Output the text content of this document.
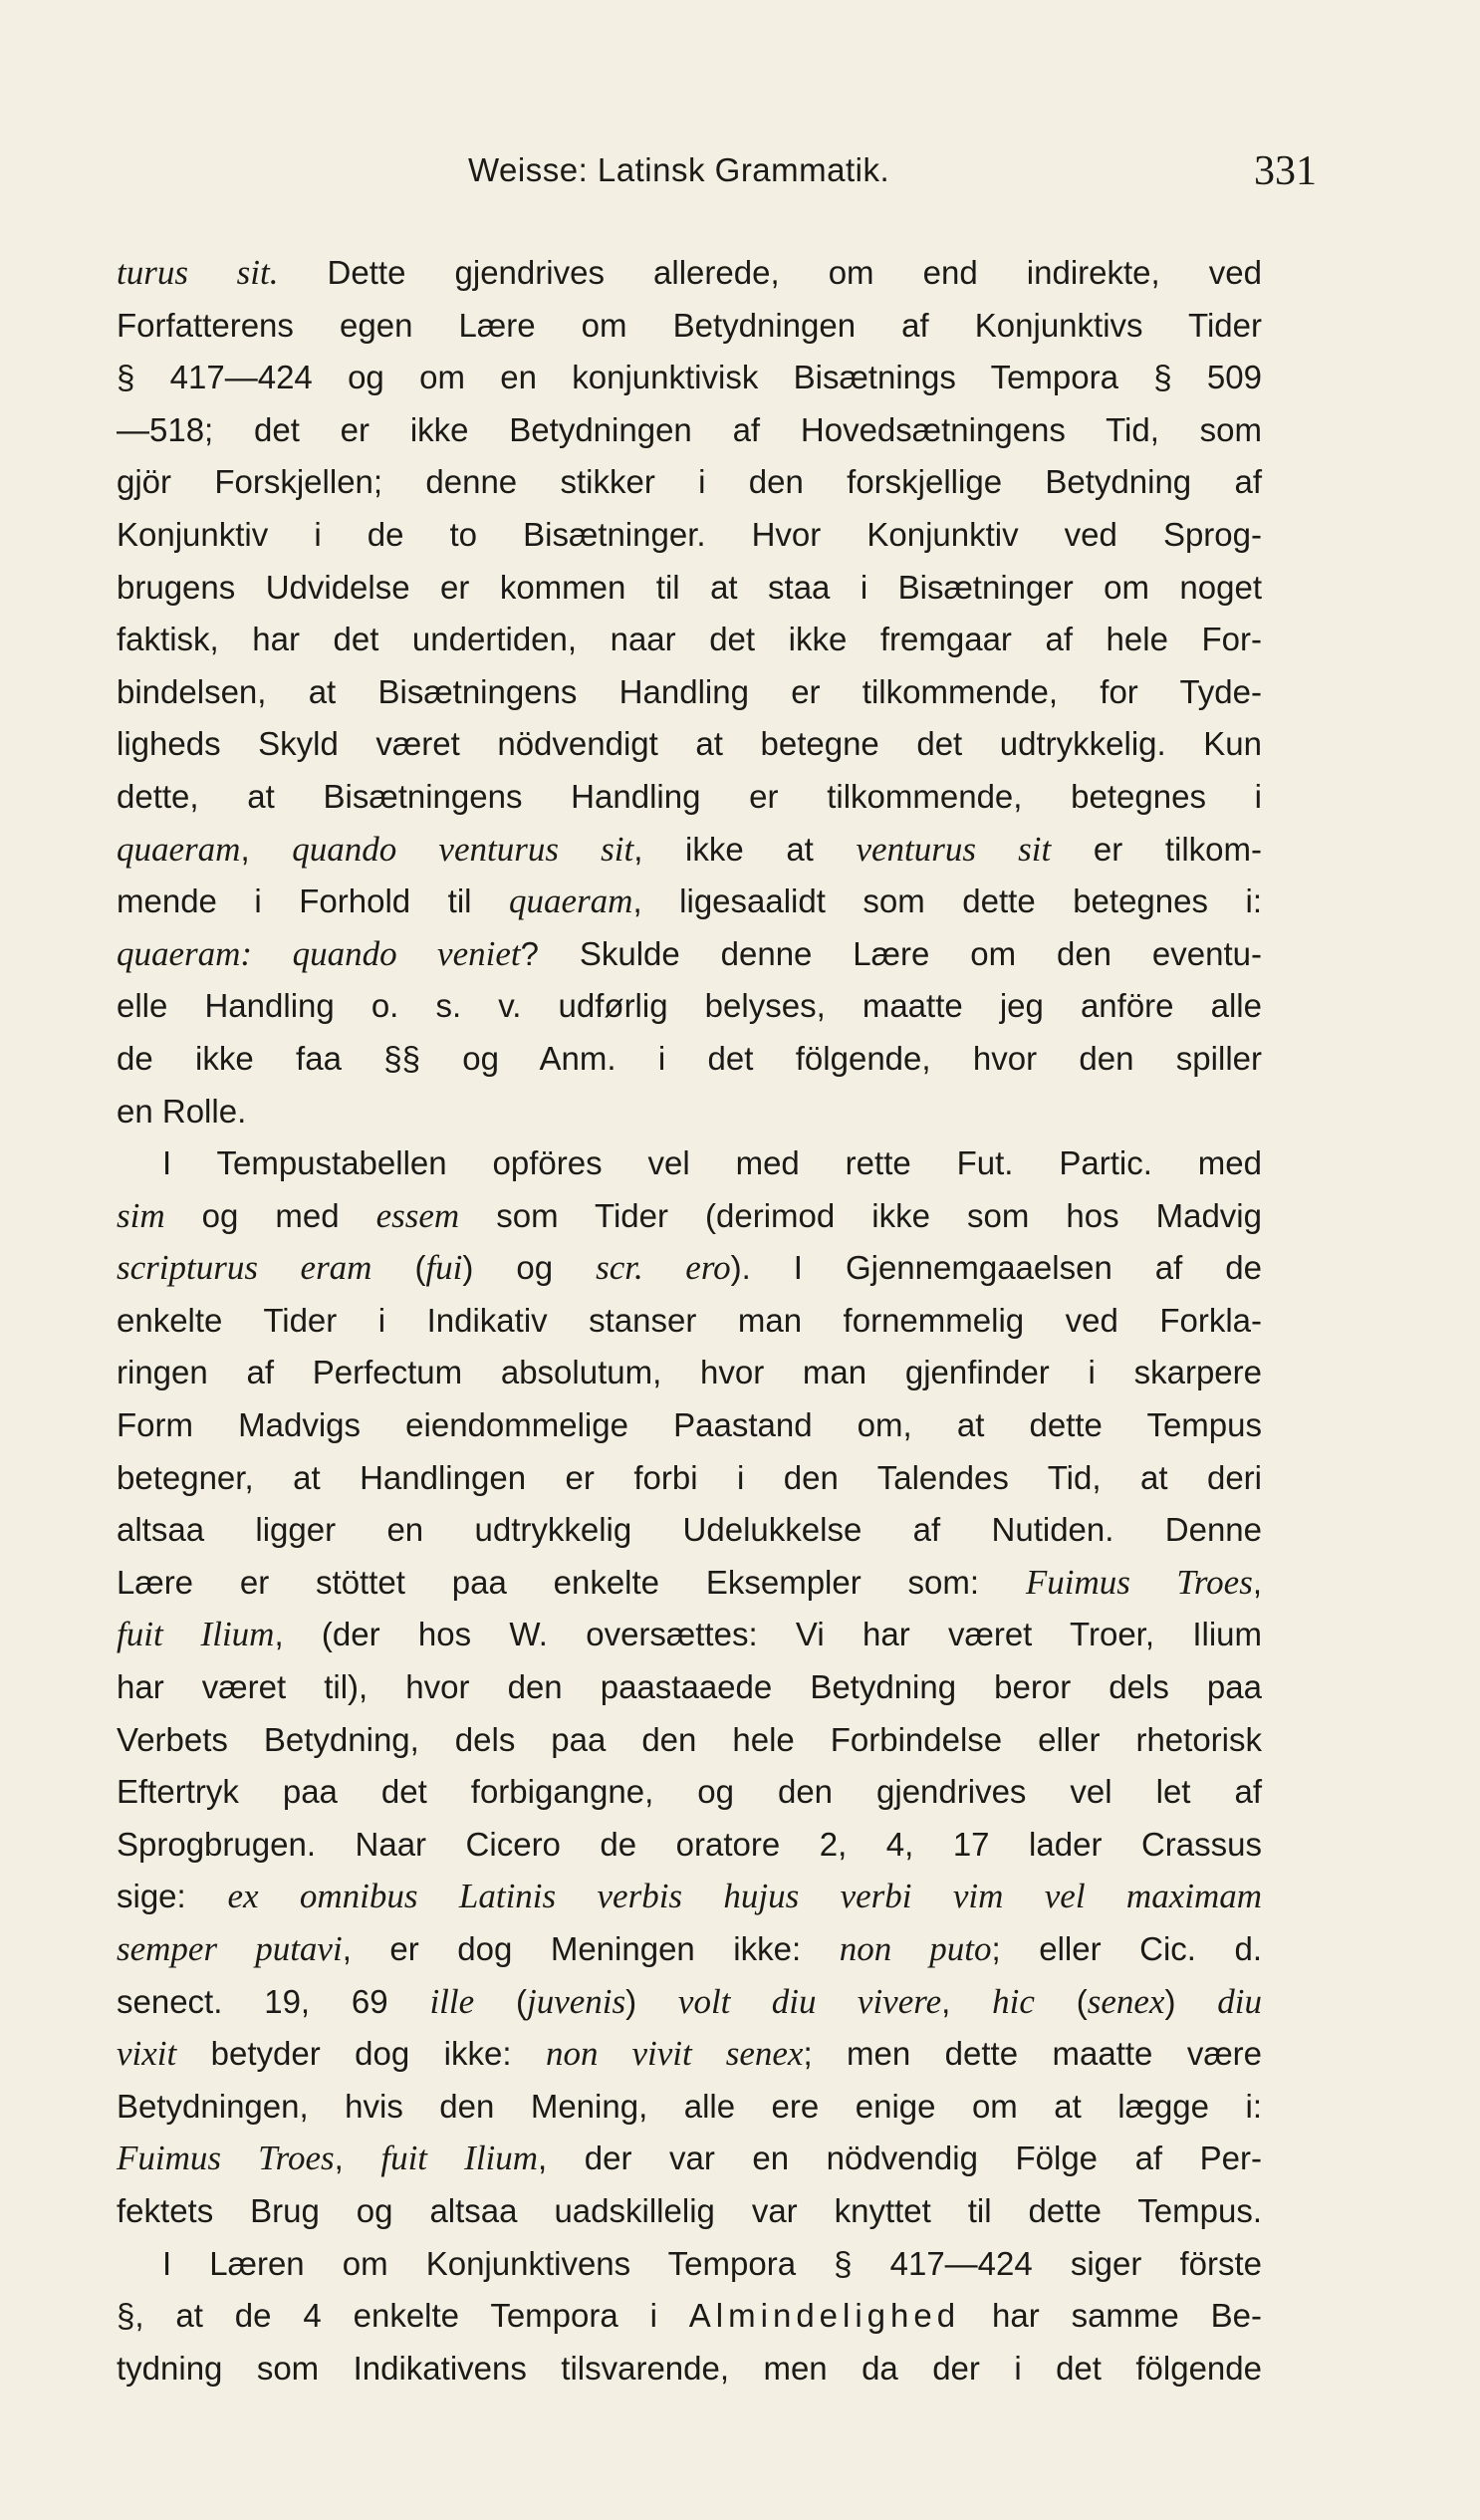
Weisse: Latinsk Grammatik.	331
turus sit. Dette gjendrives allerede, om end indirekte, ved
Forfatterens egen Lære om Betydningen af Konjunktivs Tider
§ 417—424 og om en konjunktivisk Bisætnings Tempora § 509
—518; det er ikke Betydningen af Hovedsætningens Tid, som
gjör Forskjellen; denne stikker i den forskjellige Betydning af
Konjunktiv i de to Bisætninger. Hvor Konjunktiv ved Sprog-
brugens Udvidelse er kommen til at staa i Bisætninger om noget
faktisk, har det undertiden, naar det ikke fremgaar af hele For-
bindelsen, at Bisætningens Handling er tilkommende, for Tyde-
ligheds Skyld været nödvendigt at betegne det udtrykkelig. Kun
dette, at Bisætningens Handling er tilkommende, betegnes i
quaeram, quando venturus sit, ikke at venturus sit er tilkom-
mende i Forhold til quaeram, ligesaalidt som dette betegnes i:
quaeram: quando veniet? Skulde denne Lære om den eventu-
elle Handling o. s. v. udførlig belyses, maatte jeg anföre alle
de ikke faa §§ og Anm. i det fölgende, hvor den spiller
en Rolle.
I Tempustabellen opföres vel med rette Fut. Partic. med
sim og med essem som Tider (derimod ikke som hos Madvig
scripturus eram (fui) og scr. ero). I Gjennemgaaelsen af de
enkelte Tider i Indikativ stanser man fornemmelig ved Forkla-
ringen af Perfectum absolutum, hvor man gjenfinder i skarpere
Form Madvigs eiendommelige Paastand om, at dette Tempus
betegner, at Handlingen er forbi i den Talendes Tid, at deri
altsaa ligger en udtrykkelig Udelukkelse af Nutiden. Denne
Lære er stöttet paa enkelte Eksempler som: Fuimus Troes,
fuit Ilium, (der hos W. oversættes: Vi har været Troer, Ilium
har været til), hvor den paastaaede Betydning beror dels paa
Verbets Betydning, dels paa den hele Forbindelse eller rhetorisk
Eftertryk paa det forbigangne, og den gjendrives vel let af
Sprogbrugen. Naar Cicero de oratore 2, 4, 17 lader Crassus
sige: ex omnibus Latinis verbis hujus verbi vim vel maximam
semper putavi, er dog Meningen ikke: non puto; eller Cic. d.
senect. 19, 69 ille (juvenis) volt diu vivere, hic (senex) diu
vixit betyder dog ikke: non vivit senex; men dette maatte være
Betydningen, hvis den Mening, alle ere enige om at lægge i:
Fuimus Troes, fuit Ilium, der var en nödvendig Fölge af Per-
fektets Brug og altsaa uadskillelig var knyttet til dette Tempus.
I Læren om Konjunktivens Tempora § 417—424 siger förste
§, at de 4 enkelte Tempora i Almindelighed har samme Be-
tydning som Indikativens tilsvarende, men da der i det fölgende
